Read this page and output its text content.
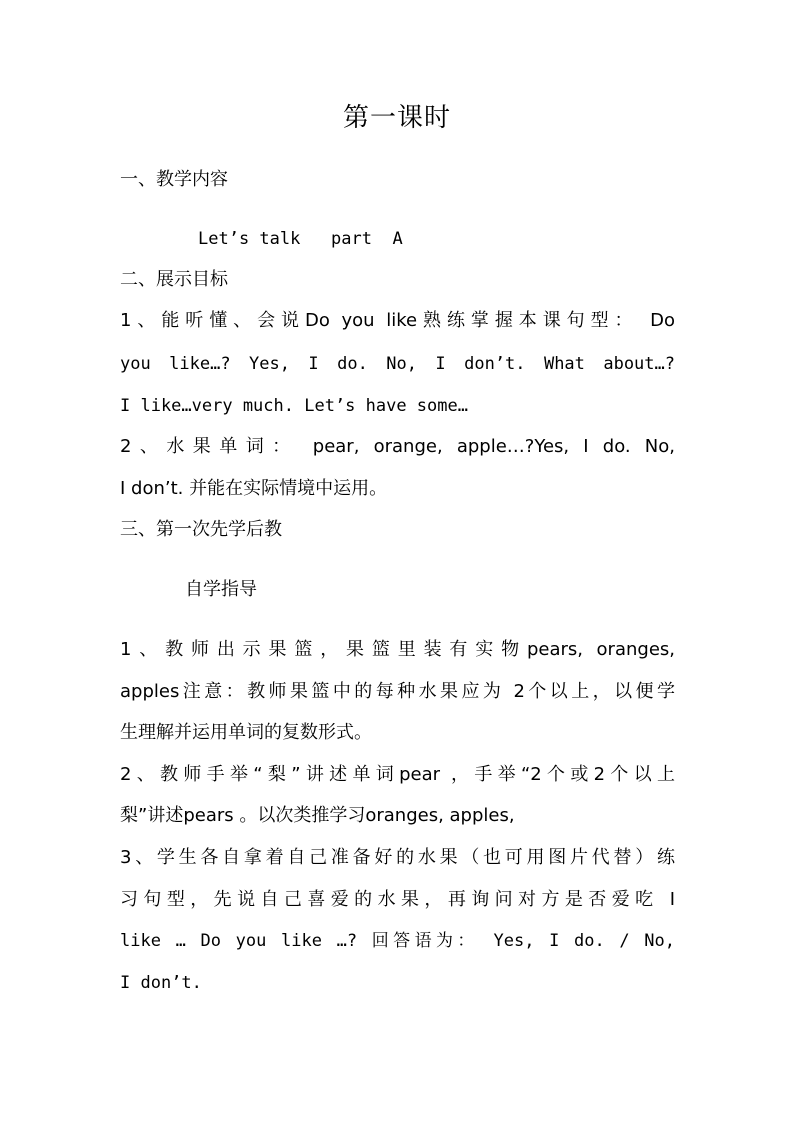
第一课时
一、教学内容
Let’s talk   part  A
二、展示目标
1、能听懂、会说Do you like熟练掌握本课句型： Do
you like…? Yes, I do. No, I don’t. What about…?
I like…very much. Let’s have some…
2、水果单词： pear, orange, apple…?Yes, I do. No,
I don’t. 并能在实际情境中运用。
三、第一次先学后教
自学指导
1、教师出示果篮，果篮里装有实物pears, oranges,
apples注意：教师果篮中的每种水果应为 2个以上，以便学
生理解并运用单词的复数形式。
2、教师手举“梨”讲述单词pear ，手举“2个或2个以上
梨”讲述pears 。以次类推学习oranges, apples,
3、学生各自拿着自己准备好的水果（也可用图片代替）练
习句型，先说自己喜爱的水果，再询问对方是否爱吃 I
like … Do you like …? 回答语为： Yes, I do. / No,
I don’t.
